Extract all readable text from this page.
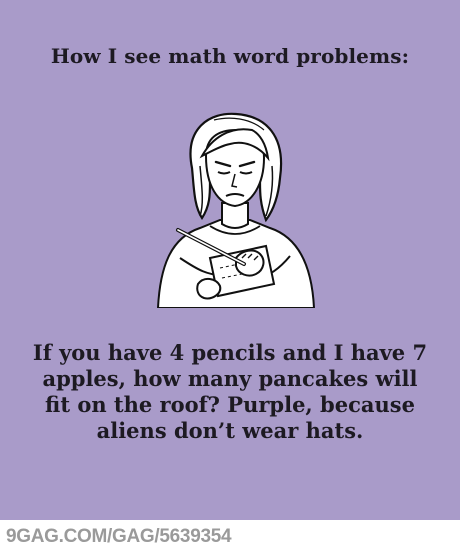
How I see math word problems:
If you have 4 pencils and I have 7 apples, how many pancakes will fit on the roof? Purple, because aliens don’t wear hats.
9GAG.COM/GAG/5639354
